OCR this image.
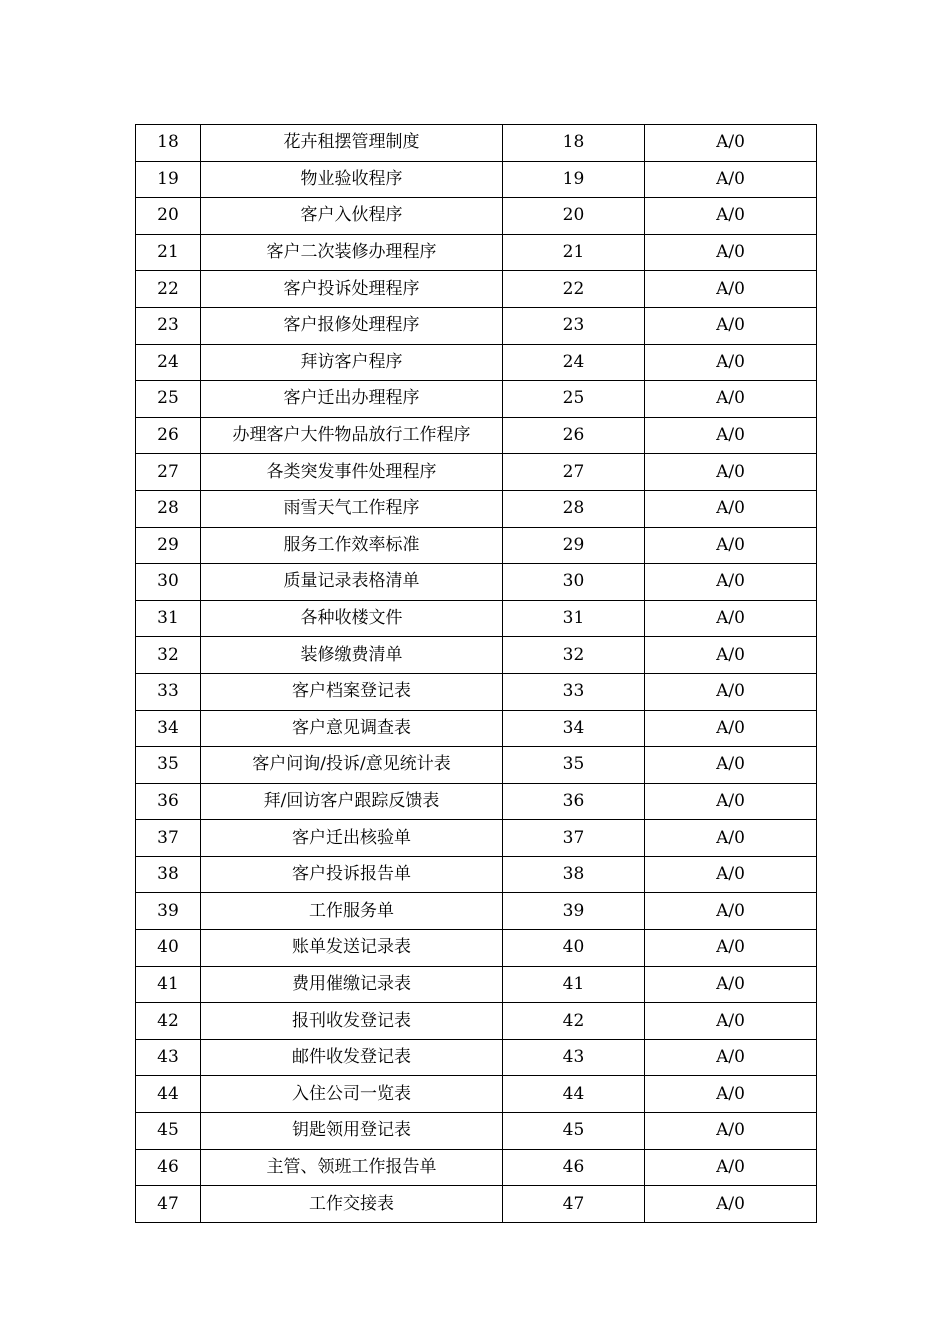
18	花卉租摆管理制度	18	A/0
19	物业验收程序	19	A/0
20	客户入伙程序	20	A/0
21	客户二次装修办理程序	21	A/0
22	客户投诉处理程序	22	A/0
23	客户报修处理程序	23	A/0
24	拜访客户程序	24	A/0
25	客户迁出办理程序	25	A/0
26	办理客户大件物品放行工作程序	26	A/0
27	各类突发事件处理程序	27	A/0
28	雨雪天气工作程序	28	A/0
29	服务工作效率标准	29	A/0
30	质量记录表格清单	30	A/0
31	各种收楼文件	31	A/0
32	装修缴费清单	32	A/0
33	客户档案登记表	33	A/0
34	客户意见调查表	34	A/0
35	客户问询/投诉/意见统计表	35	A/0
36	拜/回访客户跟踪反馈表	36	A/0
37	客户迁出核验单	37	A/0
38	客户投诉报告单	38	A/0
39	工作服务单	39	A/0
40	账单发送记录表	40	A/0
41	费用催缴记录表	41	A/0
42	报刊收发登记表	42	A/0
43	邮件收发登记表	43	A/0
44	入住公司一览表	44	A/0
45	钥匙领用登记表	45	A/0
46	主管、领班工作报告单	46	A/0
47	工作交接表	47	A/0
